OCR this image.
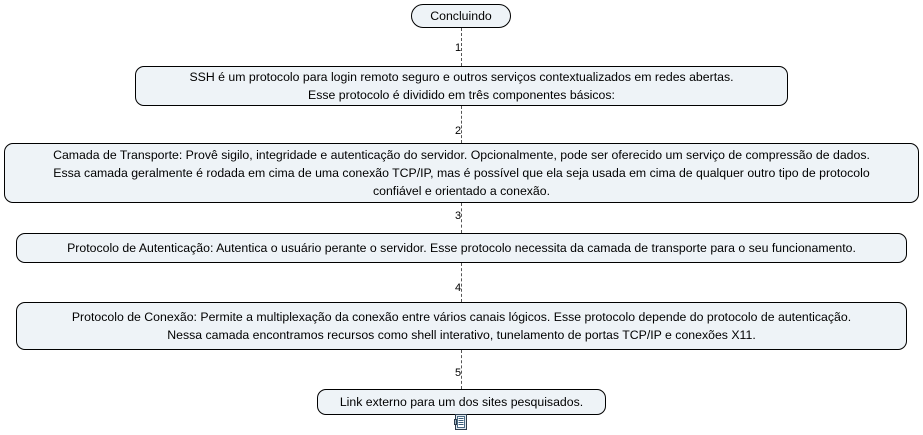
Concluindo
SSH é um protocolo para login remoto seguro e outros serviços contextualizados em redes abertas.
Esse protocolo é dividido em três componentes básicos:
Camada de Transporte: Provê sigilo, integridade e autenticação do servidor. Opcionalmente, pode ser oferecido um serviço de compressão de dados.
Essa camada geralmente é rodada em cima de uma conexão TCP/IP, mas é possível que ela seja usada em cima de qualquer outro tipo de protocolo
confiável e orientado a conexão.
Protocolo de Autenticação: Autentica o usuário perante o servidor. Esse protocolo necessita da camada de transporte para o seu funcionamento.
Protocolo de Conexão: Permite a multiplexação da conexão entre vários canais lógicos. Esse protocolo depende do protocolo de autenticação.
Nessa camada encontramos recursos como shell interativo, tunelamento de portas TCP/IP e conexões X11.
Link externo para um dos sites pesquisados.
1
2
3
4
5
